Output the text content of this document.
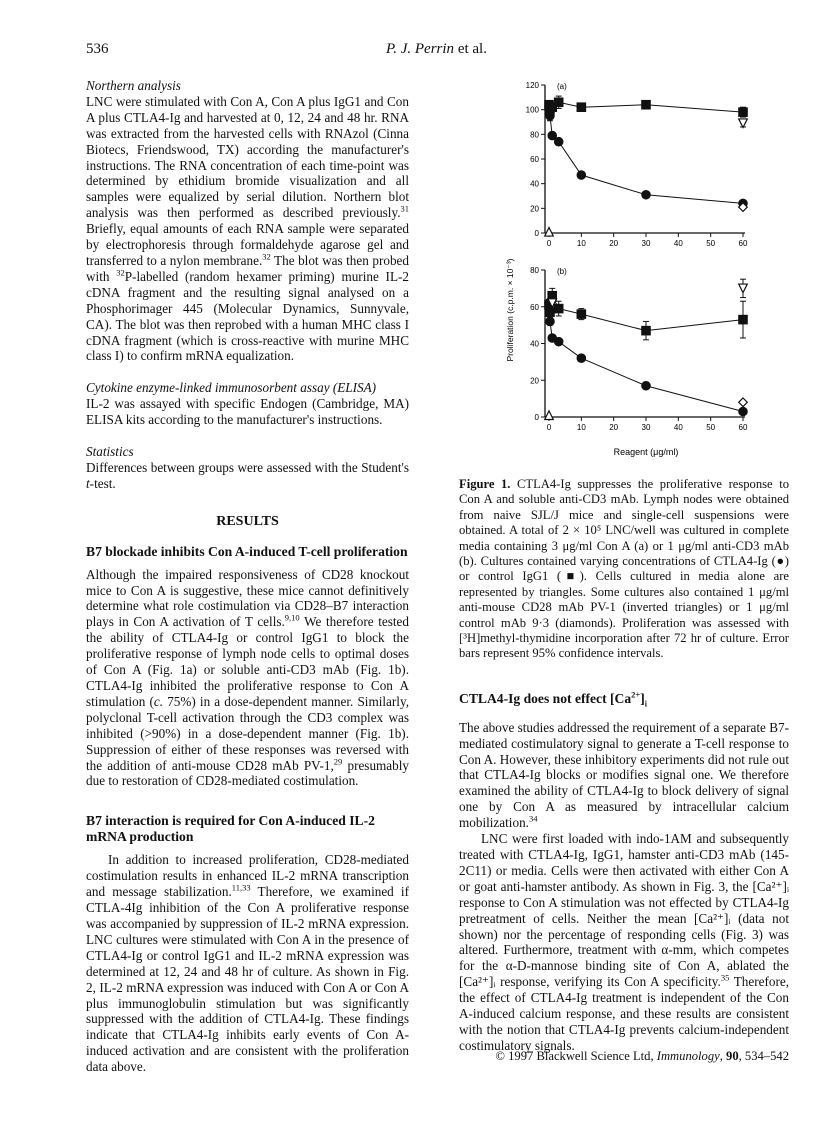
536	P. J. Perrin et al.
Northern analysis

LNC were stimulated with Con A, Con A plus IgG1 and Con A plus CTLA4-Ig and harvested at 0, 12, 24 and 48 hr. RNA was extracted from the harvested cells with RNAzol (Cinna Biotecs, Friendswood, TX) according the manufacturer's instructions. The RNA concentration of each time-point was determined by ethidium bromide visualization and all samples were equalized by serial dilution. Northern blot analysis was then performed as described previously.$^{31}$ Briefly, equal amounts of each RNA sample were separated by electrophoresis through formaldehyde agarose gel and transferred to a nylon membrane.$^{32}$ The blot was then probed with $^{32}$P-labelled (random hexamer priming) murine IL-2 cDNA fragment and the resulting signal analysed on a Phosphorimager 445 (Molecular Dynamics, Sunnyvale, CA). The blot was then reprobed with a human MHC class I cDNA fragment (which is cross-reactive with murine MHC class I) to confirm mRNA equalization.

Cytokine enzyme-linked immunosorbent assay (ELISA)

IL-2 was assayed with specific Endogen (Cambridge, MA) ELISA kits according to the manufacturer's instructions.

Statistics

Differences between groups were assessed with the Student's t-test.

RESULTS
B7 blockade inhibits Con A-induced T-cell proliferation

Although the impaired responsiveness of CD28 knockout mice to Con A is suggestive, these mice cannot definitively determine what role costimulation via CD28–B7 interaction plays in Con A activation of T cells.$^{9,10}$ We therefore tested the ability of CTLA4-Ig or control IgG1 to block the proliferative response of lymph node cells to optimal doses of Con A (Fig. 1a) or soluble anti-CD3 mAb (Fig. 1b). CTLA4-Ig inhibited the proliferative response to Con A stimulation (c. 75%) in a dose-dependent manner. Similarly, polyclonal T-cell activation through the CD3 complex was inhibited (>90%) in a dose-dependent manner (Fig. 1b). Suppression of either of these responses was reversed with the addition of anti-mouse CD28 mAb PV-1,29 presumably due to restoration of CD28-mediated costimulation.

B7 interaction is required for Con A-induced IL-2 mRNA production

In addition to increased proliferation, CD28-mediated costimulation results in enhanced IL-2 mRNA transcription and message stabilization.$^{11,33}$ Therefore, we examined if CTLA-4Ig inhibition of the Con A proliferative response was accompanied by suppression of IL-2 mRNA expression. LNC cultures were stimulated with Con A in the presence of CTLA4-Ig or control IgG1 and IL-2 mRNA expression was determined at 12, 24 and 48 hr of culture. As shown in Fig. 2, IL-2 mRNA expression was induced with Con A or Con A plus immunoglobulin stimulation but was significantly suppressed with the addition of CTLA4-Ig. These findings indicate that CTLA4-Ig inhibits early events of Con A-induced activation and are consistent with the proliferation data above.

0
20
40
60
80
100
120
0	10	20	30	40	50	60
(a)
0
20
40
60
80
0	10	20	30	40	50	60
(b)
Proliferation (c.p.m. × 10⁻³)
Reagent (μg/ml)

Figure 1. CTLA4-Ig suppresses the proliferative response to Con A and soluble anti-CD3 mAb. Lymph nodes were obtained from naive SJL/J mice and single-cell suspensions were obtained. A total of 2 × 10⁵ LNC/well was cultured in complete media containing 3 μg/ml Con A (a) or 1 μg/ml anti-CD3 mAb (b). Cultures contained varying concentrations of CTLA4-Ig (●) or control IgG1 (■). Cells cultured in media alone are represented by triangles. Some cultures also contained 1 μg/ml anti-mouse CD28 mAb PV-1 (inverted triangles) or 1 μg/ml control mAb 9·3 (diamonds). Proliferation was assessed with [³H]methyl-thymidine incorporation after 72 hr of culture. Error bars represent 95% confidence intervals.

CTLA4-Ig does not effect $[Ca^{2+}]_i$

The above studies addressed the requirement of a separate B7-mediated costimulatory signal to generate a T-cell response to Con A. However, these inhibitory experiments did not rule out that CTLA4-Ig blocks or modifies signal one. We therefore examined the ability of CTLA4-Ig to block delivery of signal one by Con A as measured by intracellular calcium mobilization.$^{34}$

LNC were first loaded with indo-1AM and subsequently treated with CTLA4-Ig, IgG1, hamster anti-CD3 mAb (145-2C11) or media. Cells were then activated with either Con A or goat anti-hamster antibody. As shown in Fig. 3, the [Ca²⁺]ᵢ response to Con A stimulation was not effected by CTLA4-Ig pretreatment of cells. Neither the mean [Ca²⁺]ᵢ (data not shown) nor the percentage of responding cells (Fig. 3) was altered. Furthermore, treatment with α-mm, which competes for the α-D-mannose binding site of Con A, ablated the [Ca²⁺]ᵢ response, verifying its Con A specificity.$^{35}$ Therefore, the effect of CTLA4-Ig treatment is independent of the Con A-induced calcium response, and these results are consistent with the notion that CTLA4-Ig prevents calcium-independent costimulatory signals.

© 1997 Blackwell Science Ltd, Immunology, 90, 534–542
